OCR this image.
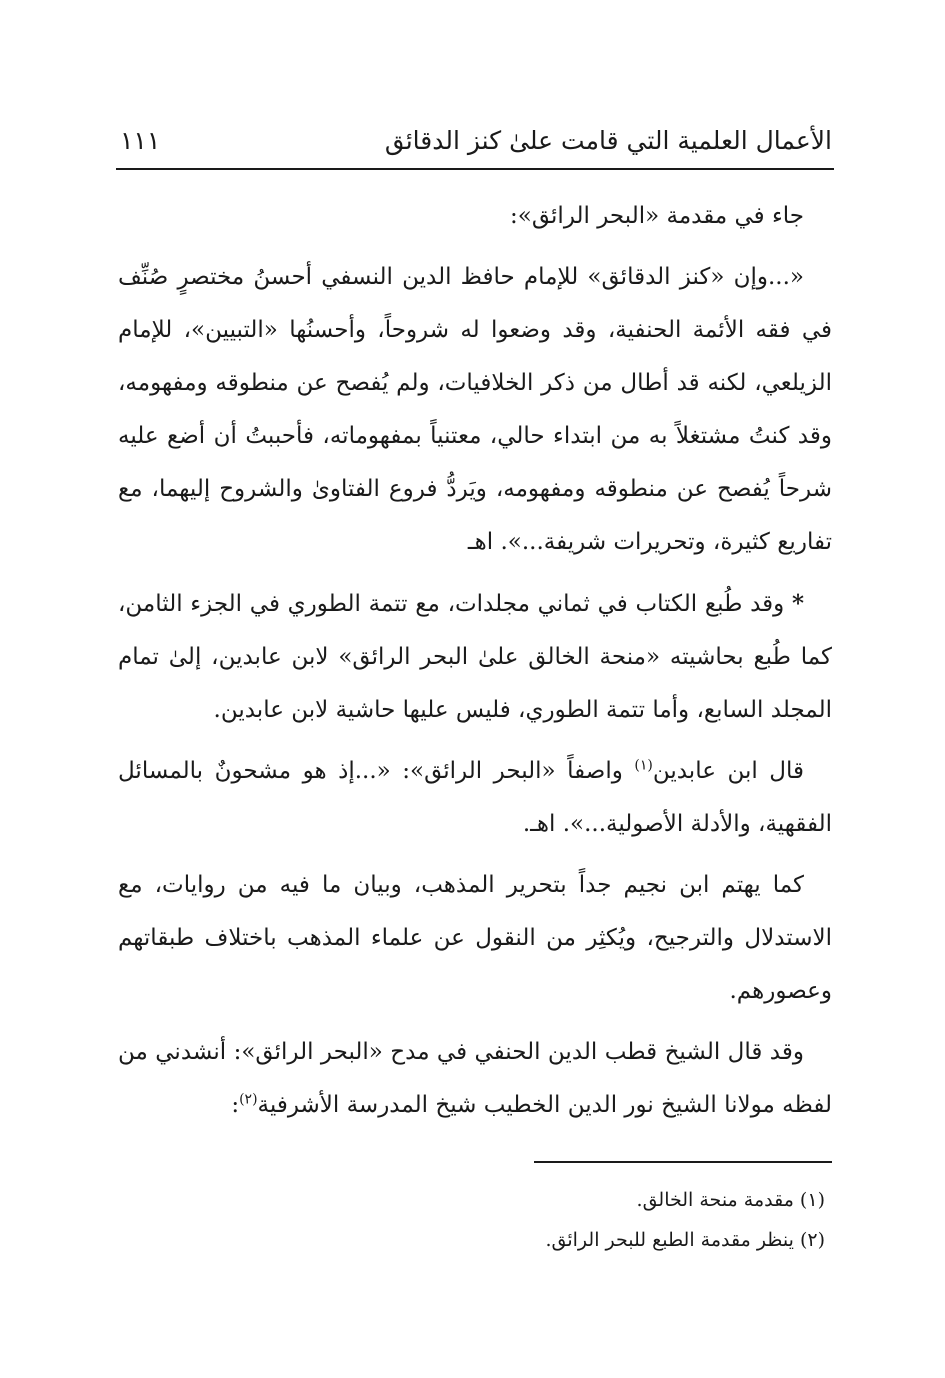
الأعمال العلمية التي قامت علىٰ كنز الدقائق
١١١

جاء في مقدمة «البحر الرائق»:

«...وإن «كنز الدقائق» للإمام حافظ الدين النسفي أحسنُ مختصرٍ صُنِّف في فقه الأئمة الحنفية، وقد وضعوا له شروحاً، وأحسنُها «التبيين»، للإمام الزيلعي، لكنه قد أطال من ذكر الخلافيات، ولم يُفصح عن منطوقه ومفهومه، وقد كنتُ مشتغلاً به من ابتداء حالي، معتنياً بمفهوماته، فأحببتُ أن أضع عليه شرحاً يُفصح عن منطوقه ومفهومه، ويَردُّ فروع الفتاوىٰ والشروح إليهما، مع تفاريع كثيرة، وتحريرات شريفة...». اهـ

* وقد طُبع الكتاب في ثماني مجلدات، مع تتمة الطوري في الجزء الثامن، كما طُبع بحاشيته «منحة الخالق علىٰ البحر الرائق» لابن عابدين، إلىٰ تمام المجلد السابع، وأما تتمة الطوري، فليس عليها حاشية لابن عابدين.

قال ابن عابدين$^{(١)}$ واصفاً «البحر الرائق»: «...إذ هو مشحونٌ بالمسائل الفقهية، والأدلة الأصولية...». اهـ.

كما يهتم ابن نجيم جداً بتحرير المذهب، وبيان ما فيه من روايات، مع الاستدلال والترجيح، ويُكثِر من النقول عن علماء المذهب باختلاف طبقاتهم وعصورهم.

وقد قال الشيخ قطب الدين الحنفي في مدح «البحر الرائق»: أنشدني من لفظه مولانا الشيخ نور الدين الخطيب شيخ المدرسة الأشرفية$^{(٢)}$:

(١) مقدمة منحة الخالق.
(٢) ينظر مقدمة الطبع للبحر الرائق.
